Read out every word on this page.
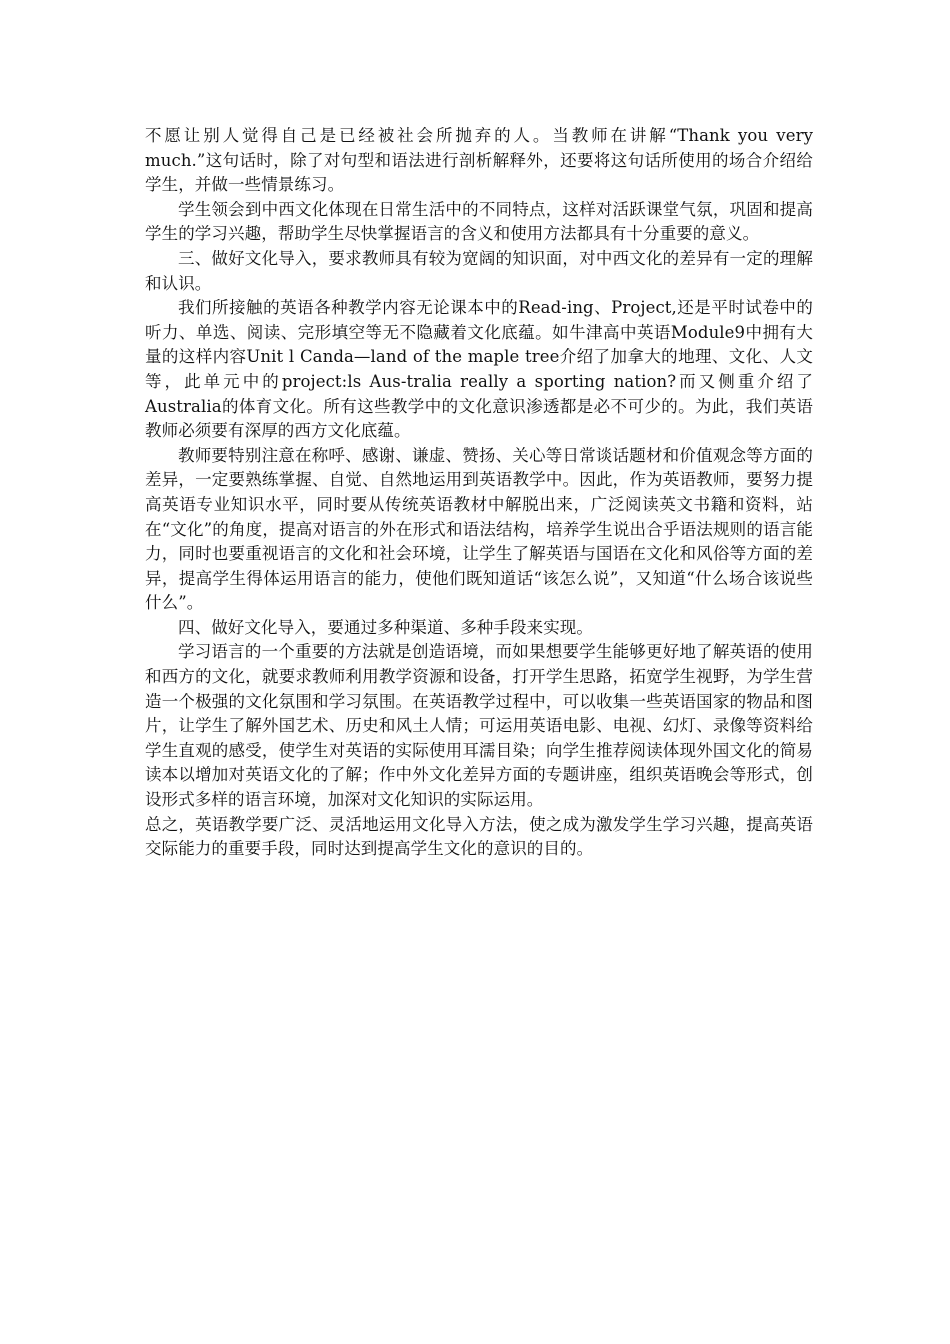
不愿让别人觉得自己是已经被社会所抛弃的人。当教师在讲解“Thank you very much.”这句话时，除了对句型和语法进行剖析解释外，还要将这句话所使用的场合介绍给学生，并做一些情景练习。

学生领会到中西文化体现在日常生活中的不同特点，这样对活跃课堂气氛，巩固和提高学生的学习兴趣，帮助学生尽快掌握语言的含义和使用方法都具有十分重要的意义。

三、做好文化导入，要求教师具有较为宽阔的知识面，对中西文化的差异有一定的理解和认识。

我们所接触的英语各种教学内容无论课本中的Read-ing、Project,还是平时试卷中的听力、单选、阅读、完形填空等无不隐藏着文化底蕴。如牛津高中英语Module9中拥有大量的这样内容Unit l Canda—land of the maple tree介绍了加拿大的地理、文化、人文等，此单元中的project:ls Aus-tralia really a sporting nation?而又侧重介绍了Australia的体育文化。所有这些教学中的文化意识渗透都是必不可少的。为此，我们英语教师必须要有深厚的西方文化底蕴。

教师要特别注意在称呼、感谢、谦虚、赞扬、关心等日常谈话题材和价值观念等方面的差异，一定要熟练掌握、自觉、自然地运用到英语教学中。因此，作为英语教师，要努力提高英语专业知识水平，同时要从传统英语教材中解脱出来，广泛阅读英文书籍和资料，站在“文化”的角度，提高对语言的外在形式和语法结构，培养学生说出合乎语法规则的语言能力，同时也要重视语言的文化和社会环境，让学生了解英语与国语在文化和风俗等方面的差异，提高学生得体运用语言的能力，使他们既知道话“该怎么说”，又知道“什么场合该说些什么”。

四、做好文化导入，要通过多种渠道、多种手段来实现。

学习语言的一个重要的方法就是创造语境，而如果想要学生能够更好地了解英语的使用和西方的文化，就要求教师利用教学资源和设备，打开学生思路，拓宽学生视野，为学生营造一个极强的文化氛围和学习氛围。在英语教学过程中，可以收集一些英语国家的物品和图片，让学生了解外国艺术、历史和风土人情；可运用英语电影、电视、幻灯、录像等资料给学生直观的感受，使学生对英语的实际使用耳濡目染；向学生推荐阅读体现外国文化的简易读本以增加对英语文化的了解；作中外文化差异方面的专题讲座，组织英语晚会等形式，创设形式多样的语言环境，加深对文化知识的实际运用。

总之，英语教学要广泛、灵活地运用文化导入方法，使之成为激发学生学习兴趣，提高英语交际能力的重要手段，同时达到提高学生文化的意识的目的。
